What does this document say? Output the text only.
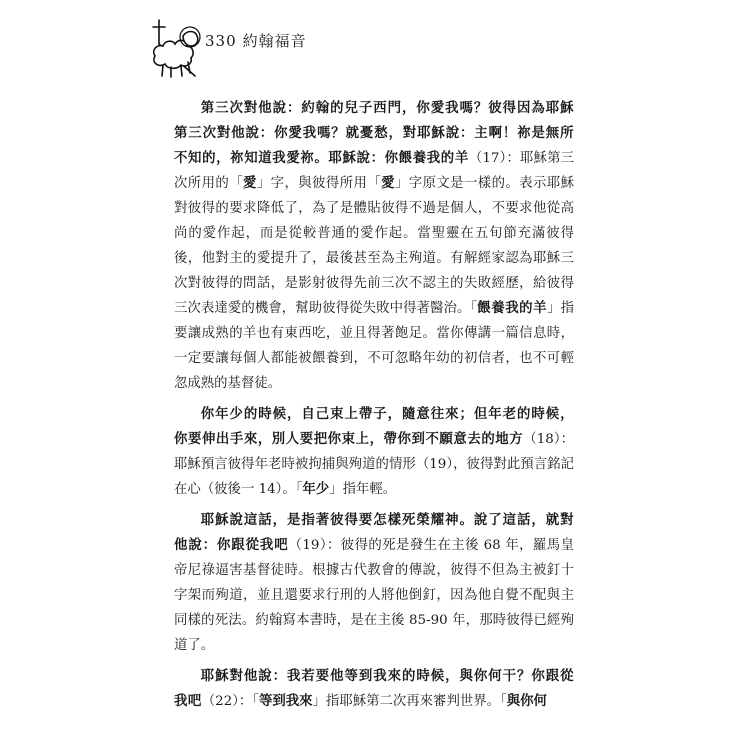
330 約翰福音

第三次對他說：約翰的兒子西門，你愛我嗎？彼得因為耶穌第三次對他說：你愛我嗎？就憂愁，對耶穌說：主啊！祢是無所不知的，祢知道我愛祢。耶穌說：你餵養我的羊（17）：耶穌第三次所用的「愛」字，與彼得所用「愛」字原文是一樣的。表示耶穌對彼得的要求降低了，為了是體貼彼得不過是個人，不要求他從高尚的愛作起，而是從較普通的愛作起。當聖靈在五旬節充滿彼得後，他對主的愛提升了，最後甚至為主殉道。有解經家認為耶穌三次對彼得的問話，是影射彼得先前三次不認主的失敗經歷，給彼得三次表達愛的機會，幫助彼得從失敗中得著醫治。「餵養我的羊」指要讓成熟的羊也有東西吃，並且得著飽足。當你傳講一篇信息時，一定要讓每個人都能被餵養到，不可忽略年幼的初信者，也不可輕忽成熟的基督徒。

你年少的時候，自己束上帶子，隨意往來；但年老的時候，你要伸出手來，別人要把你束上，帶你到不願意去的地方（18）：耶穌預言彼得年老時被拘捕與殉道的情形（19），彼得對此預言銘記在心（彼後一 14）。「年少」指年輕。

耶穌說這話，是指著彼得要怎樣死榮耀神。說了這話，就對他說：你跟從我吧（19）：彼得的死是發生在主後 68 年，羅馬皇帝尼祿逼害基督徒時。根據古代教會的傳說，彼得不但為主被釘十字架而殉道，並且還要求行刑的人將他倒釘，因為他自覺不配與主同樣的死法。約翰寫本書時，是在主後 85-90 年，那時彼得已經殉道了。

耶穌對他說：我若要他等到我來的時候，與你何干？你跟從我吧（22）：「等到我來」指耶穌第二次再來審判世界。「與你何
